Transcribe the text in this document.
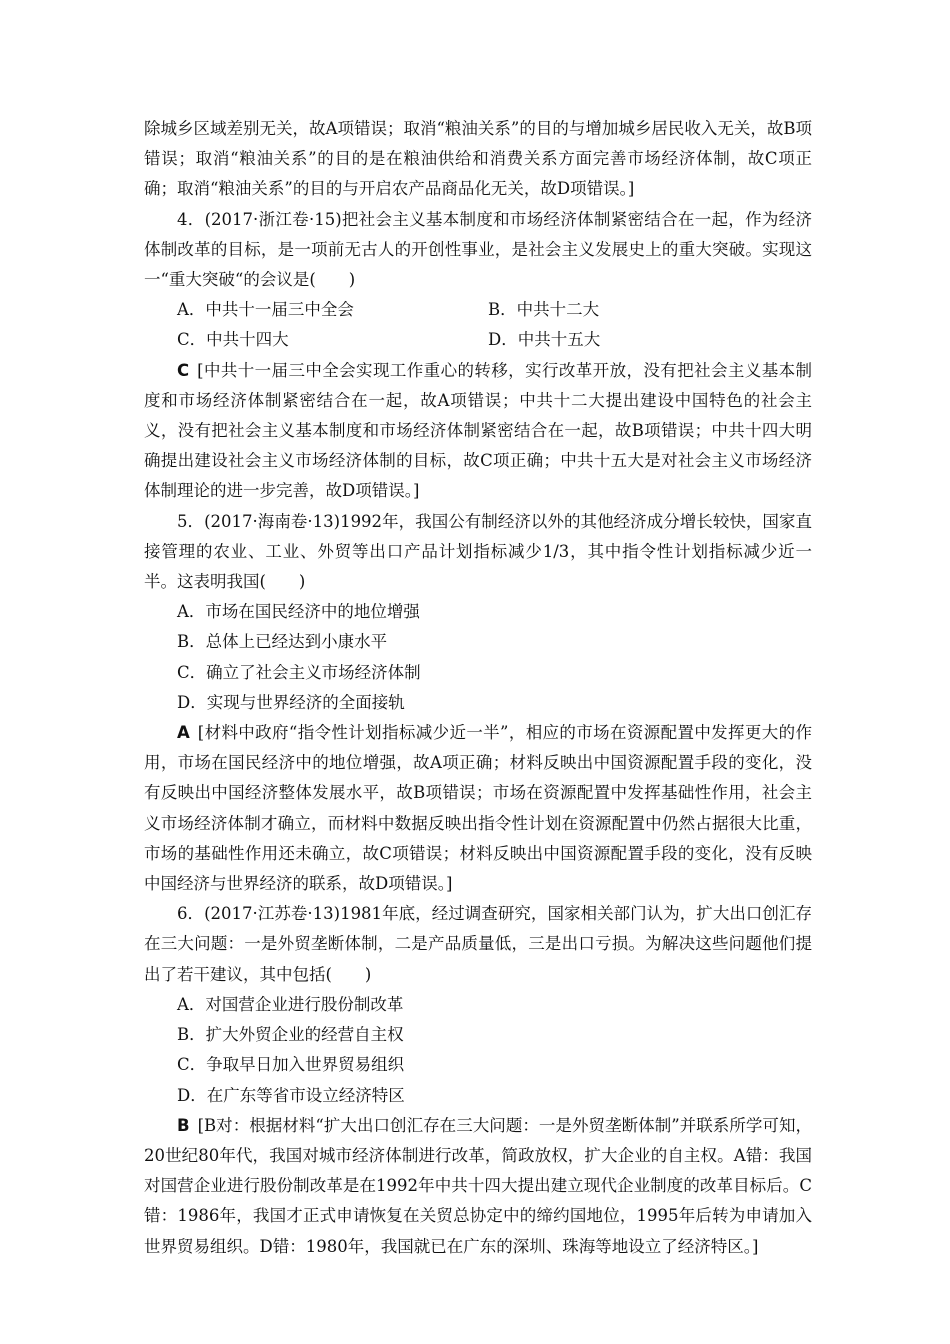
除城乡区域差别无关，故A项错误；取消“粮油关系”的目的与增加城乡居民收入无关，故B项错误；取消“粮油关系”的目的是在粮油供给和消费关系方面完善市场经济体制，故C项正确；取消“粮油关系”的目的与开启农产品商品化无关，故D项错误。]

4．(2017·浙江卷·15)把社会主义基本制度和市场经济体制紧密结合在一起，作为经济体制改革的目标，是一项前无古人的开创性事业，是社会主义发展史上的重大突破。实现这一“重大突破“的会议是(　　)

A．中共十一届三中全会	B．中共十二大
C．中共十四大	D．中共十五大

C [中共十一届三中全会实现工作重心的转移，实行改革开放，没有把社会主义基本制度和市场经济体制紧密结合在一起，故A项错误；中共十二大提出建设中国特色的社会主义，没有把社会主义基本制度和市场经济体制紧密结合在一起，故B项错误；中共十四大明确提出建设社会主义市场经济体制的目标，故C项正确；中共十五大是对社会主义市场经济体制理论的进一步完善，故D项错误。]

5．(2017·海南卷·13)1992年，我国公有制经济以外的其他经济成分增长较快，国家直接管理的农业、工业、外贸等出口产品计划指标减少1/3，其中指令性计划指标减少近一半。这表明我国(　　)

A．市场在国民经济中的地位增强

B．总体上已经达到小康水平

C．确立了社会主义市场经济体制

D．实现与世界经济的全面接轨

A [材料中政府“指令性计划指标减少近一半”，相应的市场在资源配置中发挥更大的作用，市场在国民经济中的地位增强，故A项正确；材料反映出中国资源配置手段的变化，没有反映出中国经济整体发展水平，故B项错误；市场在资源配置中发挥基础性作用，社会主义市场经济体制才确立，而材料中数据反映出指令性计划在资源配置中仍然占据很大比重，市场的基础性作用还未确立，故C项错误；材料反映出中国资源配置手段的变化，没有反映中国经济与世界经济的联系，故D项错误。]

6．(2017·江苏卷·13)1981年底，经过调查研究，国家相关部门认为，扩大出口创汇存在三大问题：一是外贸垄断体制，二是产品质量低，三是出口亏损。为解决这些问题他们提出了若干建议，其中包括(　　)

A．对国营企业进行股份制改革

B．扩大外贸企业的经营自主权

C．争取早日加入世界贸易组织

D．在广东等省市设立经济特区

B [B对：根据材料“扩大出口创汇存在三大问题：一是外贸垄断体制”并联系所学可知，20世纪80年代，我国对城市经济体制进行改革，简政放权，扩大企业的自主权。A错：我国对国营企业进行股份制改革是在1992年中共十四大提出建立现代企业制度的改革目标后。C错：1986年，我国才正式申请恢复在关贸总协定中的缔约国地位，1995年后转为申请加入世界贸易组织。D错：1980年，我国就已在广东的深圳、珠海等地设立了经济特区。]
